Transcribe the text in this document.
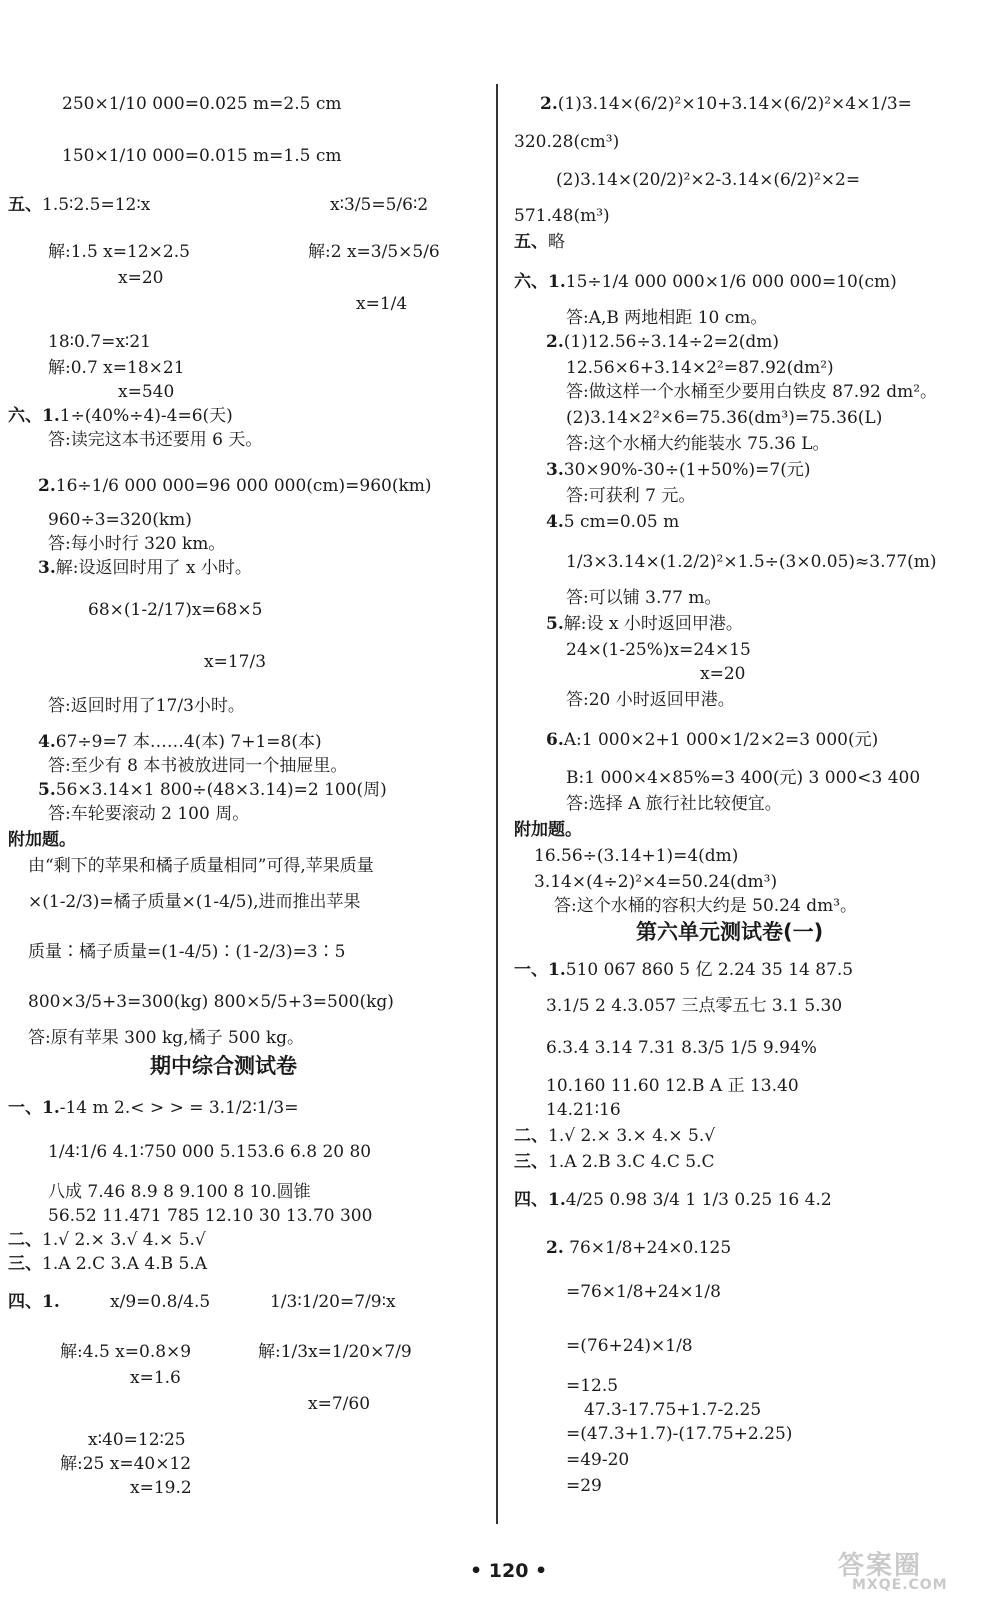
250×1/10 000=0.025 m=2.5 cm
150×1/10 000=0.015 m=1.5 cm
五、1.5∶2.5=12∶x	x∶3/5=5/6∶2
解:1.5 x=12×2.5	解:2 x=3/5×5/6
x=20
x=1/4
18∶0.7=x∶21
解:0.7 x=18×21
x=540
六、1.1÷(40%÷4)-4=6(天)
答:读完这本书还要用 6 天。
2.16÷1/6 000 000=96 000 000(cm)=960(km)
960÷3=320(km)
答:每小时行 320 km。
3.解:设返回时用了 x 小时。
68×(1-2/17)x=68×5
x=17/3
答:返回时用了17/3小时。
4.67÷9=7 本……4(本) 7+1=8(本)
答:至少有 8 本书被放进同一个抽屉里。
5.56×3.14×1 800÷(48×3.14)=2 100(周)
答:车轮要滚动 2 100 周。
附加题。
由“剩下的苹果和橘子质量相同”可得,苹果质量
×(1-2/3)=橘子质量×(1-4/5),进而推出苹果
质量∶橘子质量=(1-4/5)∶(1-2/3)=3∶5
800×3/5+3=300(kg) 800×5/5+3=500(kg)
答:原有苹果 300 kg,橘子 500 kg。
期中综合测试卷
一、1.-14 m 2.< > > = 3.1/2∶1/3=
1/4∶1/6 4.1∶750 000 5.153.6 6.8 20 80
八成 7.46 8.9 8 9.100 8 10.圆锥
56.52 11.471 785 12.10 30 13.70 300
二、1.√ 2.× 3.√ 4.× 5.√
三、1.A 2.C 3.A 4.B 5.A
四、1.	x/9=0.8/4.5	1/3∶1/20=7/9∶x
解:4.5 x=0.8×9	解:1/3x=1/20×7/9
x=1.6
x=7/60
x∶40=12∶25
解:25 x=40×12
x=19.2
2.(1)3.14×(6/2)²×10+3.14×(6/2)²×4×1/3=
320.28(cm³)
(2)3.14×(20/2)²×2-3.14×(6/2)²×2=
571.48(m³)
五、略
六、1.15÷1/4 000 000×1/6 000 000=10(cm)
答:A,B 两地相距 10 cm。
2.(1)12.56÷3.14÷2=2(dm)
12.56×6+3.14×2²=87.92(dm²)
答:做这样一个水桶至少要用白铁皮 87.92 dm²。
(2)3.14×2²×6=75.36(dm³)=75.36(L)
答:这个水桶大约能装水 75.36 L。
3.30×90%-30÷(1+50%)=7(元)
答:可获利 7 元。
4.5 cm=0.05 m
1/3×3.14×(1.2/2)²×1.5÷(3×0.05)≈3.77(m)
答:可以铺 3.77 m。
5.解:设 x 小时返回甲港。
24×(1-25%)x=24×15
x=20
答:20 小时返回甲港。
6.A:1 000×2+1 000×1/2×2=3 000(元)
B:1 000×4×85%=3 400(元) 3 000<3 400
答:选择 A 旅行社比较便宜。
附加题。
16.56÷(3.14+1)=4(dm)
3.14×(4÷2)²×4=50.24(dm³)
答:这个水桶的容积大约是 50.24 dm³。
第六单元测试卷(一)
一、1.510 067 860 5 亿 2.24 35 14 87.5
3.1/5 2 4.3.057 三点零五七 3.1 5.30
6.3.4 3.14 7.31 8.3/5 1/5 9.94%
10.160 11.60 12.B A 正 13.40
14.21∶16
二、1.√ 2.× 3.× 4.× 5.√
三、1.A 2.B 3.C 4.C 5.C
四、1.4/25 0.98 3/4 1 1/3 0.25 16 4.2
2. 76×1/8+24×0.125
=76×1/8+24×1/8
=(76+24)×1/8
=12.5
47.3-17.75+1.7-2.25
=(47.3+1.7)-(17.75+2.25)
=49-20
=29
• 120 •	答案圈
MXQE.COM
